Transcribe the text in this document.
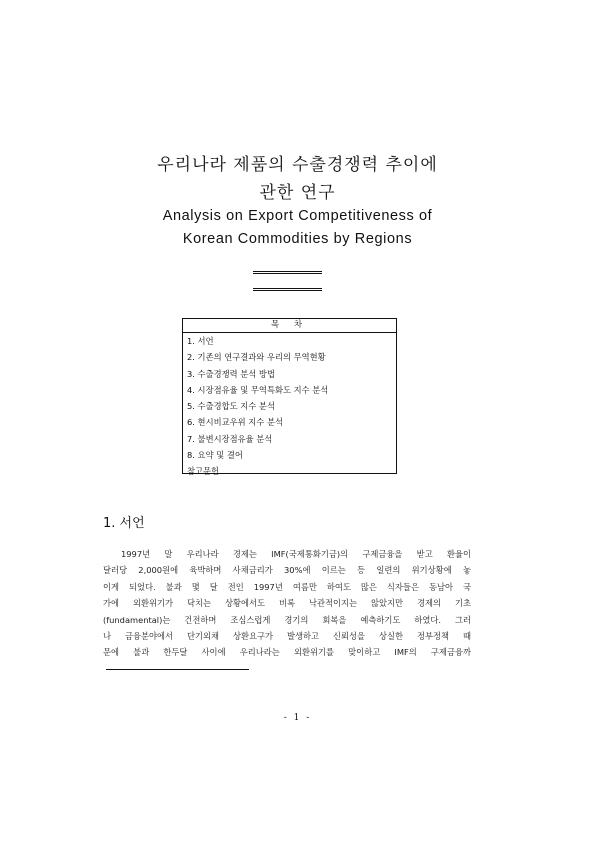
우리나라 제품의 수출경쟁력 추이에
관한 연구
Analysis on Export Competitiveness of
Korean Commodities by Regions
목 차
1. 서언
2. 기존의 연구결과와 우리의 무역현황
3. 수출경쟁력 분석 방법
4. 시장점유율 및 무역특화도 지수 분석
5. 수출경합도 지수 분석
6. 현시비교우위 지수 분석
7. 불변시장점유율 분석
8. 요약 및 결어
참고문헌
1. 서언
1997년 말 우리나라 경제는 IMF(국제통화기금)의 구제금융을 받고 환율이
달러당 2,000원에 육박하며 사채금리가 30%에 이르는 등 일련의 위기상황에 놓
이게 되었다. 불과 몇 달 전인 1997년 여름만 하여도 많은 식자들은 동남아 국
가에 외환위기가 닥치는 상황에서도 비록 낙관적이지는 않았지만 경제의 기초
(fundamental)는 건전하며 조심스럽게 경기의 회복을 예측하기도 하였다. 그러
나 금융분야에서 단기외채 상환요구가 발생하고 신뢰성을 상실한 정부정책 때
문에 불과 한두달 사이에 우리나라는 외환위기를 맞이하고 IMF의 구제금융까
- 1 -
